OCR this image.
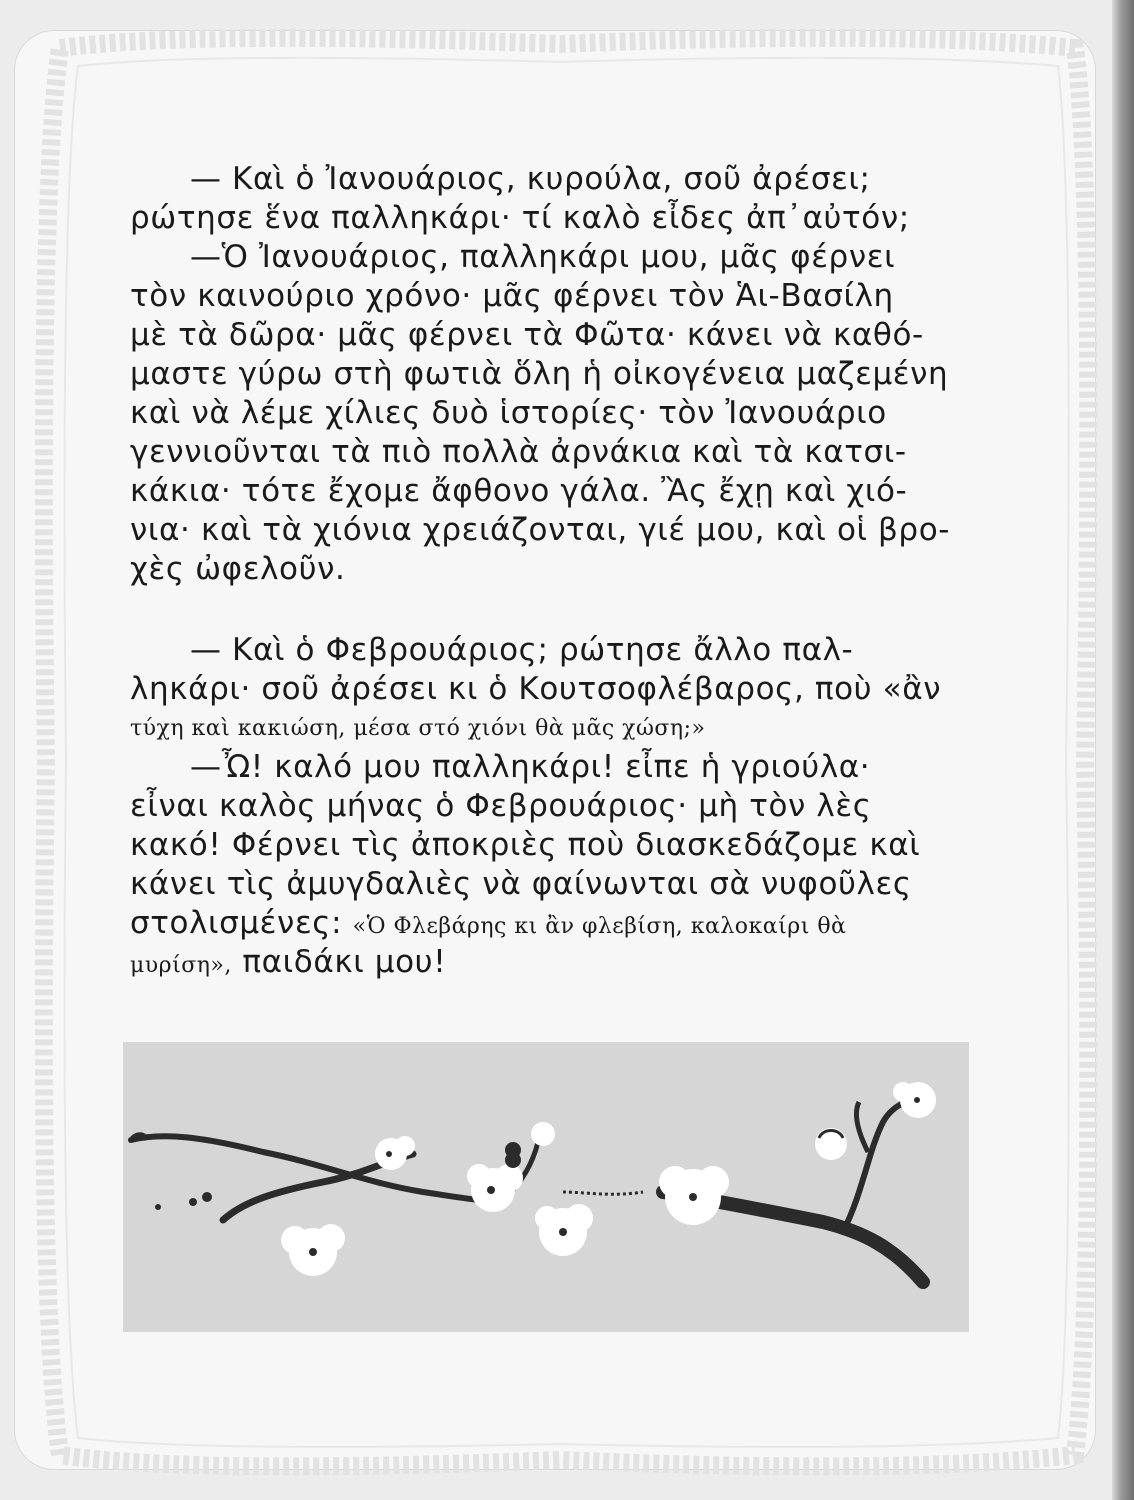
— Καὶ ὁ Ἰανουάριος, κυρούλα, σοῦ ἀρέσει;
ρώτησε ἕνα παλληκάρι· τί καλὸ εἶδες ἀπ᾽αὐτόν;
—Ὁ Ἰανουάριος, παλληκάρι μου, μᾶς φέρνει
τὸν καινούριο χρόνο· μᾶς φέρνει τὸν Ἁι-Βασίλη
μὲ τὰ δῶρα· μᾶς φέρνει τὰ Φῶτα· κάνει νὰ καθό-
μαστε γύρω στὴ φωτιὰ ὅλη ἡ οἰκογένεια μαζεμένη
καὶ νὰ λέμε χίλιες δυὸ ἱστορίες· τὸν Ἰανουάριο
γεννιοῦνται τὰ πιὸ πολλὰ ἀρνάκια καὶ τὰ κατσι-
κάκια· τότε ἔχομε ἄφθονο γάλα. Ἂς ἔχῃ καὶ χιό-
νια· καὶ τὰ χιόνια χρειάζονται, γιέ μου, καὶ οἱ βρο-
χὲς ὠφελοῦν.
— Καὶ ὁ Φεβρουάριος; ρώτησε ἄλλο παλ-
ληκάρι· σοῦ ἀρέσει κι ὁ Κουτσοφλέβαρος, ποὺ «ἂν
τύχη καὶ κακιώση, μέσα στό χιόνι θὰ μᾶς χώση;»
—Ὦ! καλό μου παλληκάρι! εἶπε ἡ γριούλα·
εἶναι καλὸς μήνας ὁ Φεβρουάριος· μὴ τὸν λὲς
κακό! Φέρνει τὶς ἀποκριὲς ποὺ διασκεδάζομε καὶ
κάνει τὶς ἀμυγδαλιὲς νὰ φαίνωνται σὰ νυφοῦλες
στολισμένες: «Ὁ Φλεβάρης κι ἂν φλεβίση, καλοκαίρι θὰ
μυρίση», παιδάκι μου!
